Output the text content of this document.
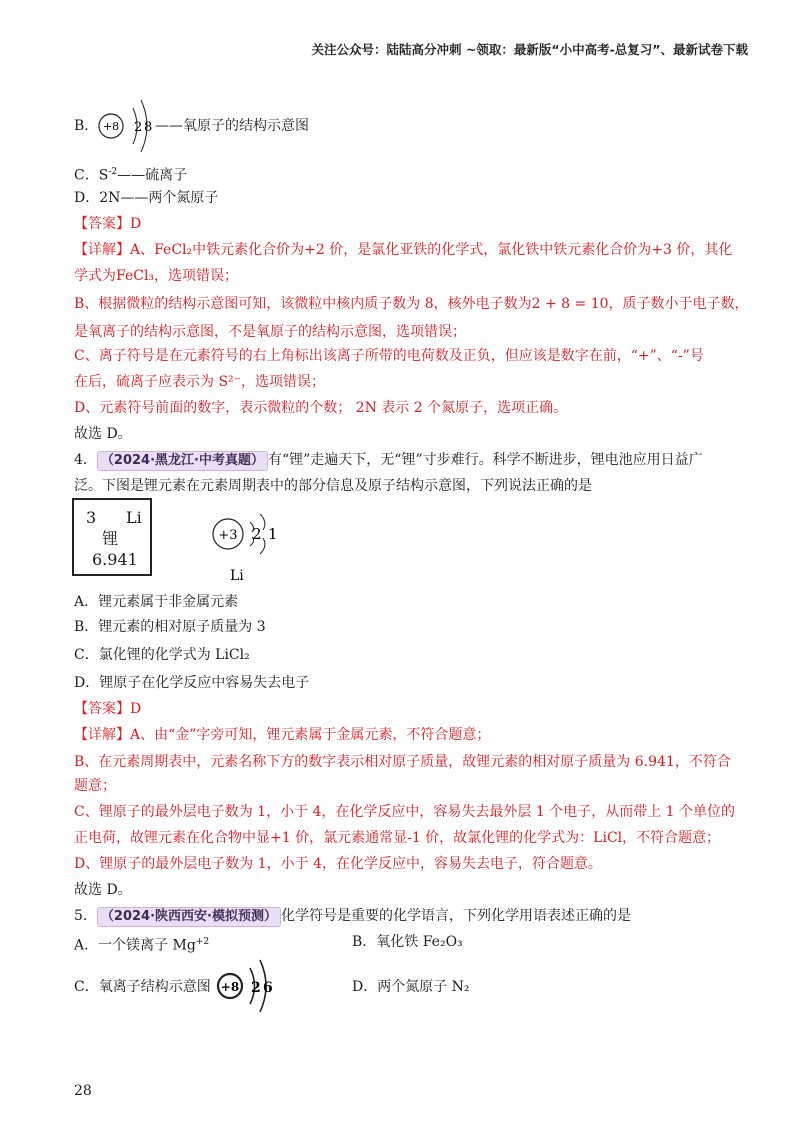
关注公众号：陆陆高分冲刺 ~领取：最新版“小中高考-总复习”、最新试卷下载
B． +8 2 8 ——氧原子的结构示意图
C．$S^{-2}——$硫离子
D．2N——两个氮原子
【答案】D
【详解】A、FeCl₂中铁元素化合价为+2 价，是氯化亚铁的化学式，氯化铁中铁元素化合价为+3 价，其化
学式为FeCl₃，选项错误；
B、根据微粒的结构示意图可知，该微粒中核内质子数为 8，核外电子数为2 + 8 = 10，质子数小于电子数，
是氧离子的结构示意图，不是氧原子的结构示意图，选项错误；
C、离子符号是在元素符号的右上角标出该离子所带的电荷数及正负，但应该是数字在前，“+”、“-”号
在后，硫离子应表示为 S²⁻，选项错误；
D、元素符号前面的数字，表示微粒的个数； 2N 表示 2 个氮原子，选项正确。
故选 D。
4． （2024·黑龙江·中考真题） 有“锂”走遍天下，无“锂”寸步难行。科学不断进步，锂电池应用日益广
泛。下图是锂元素在元素周期表中的部分信息及原子结构示意图，下列说法正确的是
3 Li
锂
6.941
+3 2 1
Li
A．锂元素属于非金属元素
B．锂元素的相对原子质量为 3
C．氯化锂的化学式为 LiCl₂
D．锂原子在化学反应中容易失去电子
【答案】D
【详解】A、由“金”字旁可知，锂元素属于金属元素，不符合题意；
B、在元素周期表中，元素名称下方的数字表示相对原子质量，故锂元素的相对原子质量为 6.941，不符合
题意；
C、锂原子的最外层电子数为 1，小于 4，在化学反应中，容易失去最外层 1 个电子，从而带上 1 个单位的
正电荷，故锂元素在化合物中显+1 价，氯元素通常显-1 价，故氯化锂的化学式为：LiCl，不符合题意；
D、锂原子的最外层电子数为 1，小于 4，在化学反应中，容易失去电子，符合题意。
故选 D。
5． （2024·陕西西安·模拟预测） 化学符号是重要的化学语言，下列化学用语表述正确的是
A．一个镁离子 $Mg^{+2}$	B．氧化铁 Fe₂O₃
C．氧离子结构示意图 +8 2 6	D．两个氮原子 N₂
28
